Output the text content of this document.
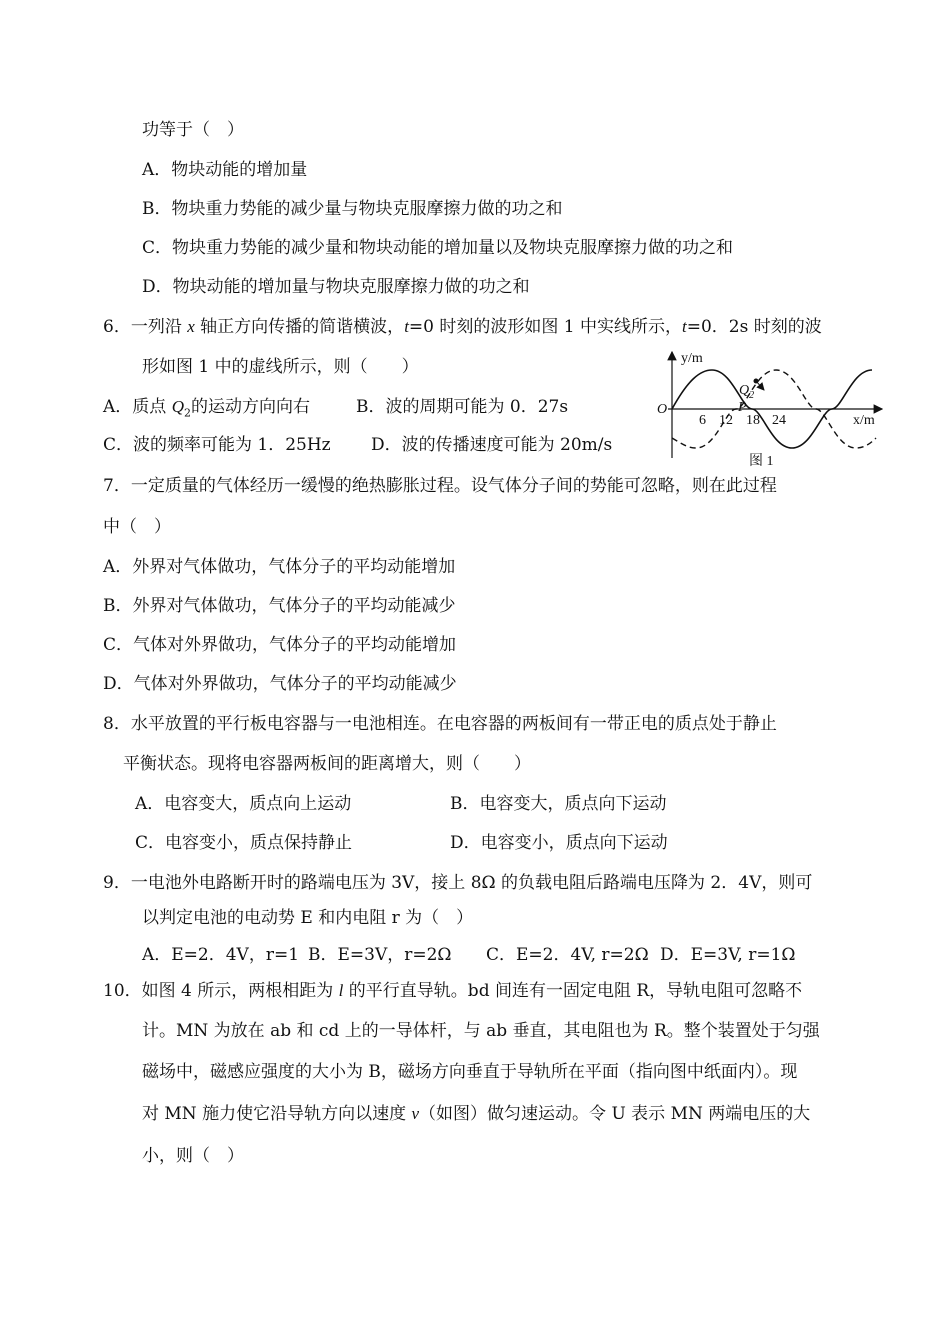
功等于（　）
A．物块动能的增加量
B．物块重力势能的减少量与物块克服摩擦力做的功之和
C．物块重力势能的减少量和物块动能的增加量以及物块克服摩擦力做的功之和
D．物块动能的增加量与物块克服摩擦力做的功之和
6．一列沿 x 轴正方向传播的简谐横波，t=0 时刻的波形如图 1 中实线所示，t=0．2s 时刻的波
形如图 1 中的虚线所示，则（　　）
A．质点 $Q_2$的运动方向向右	B．波的周期可能为 0．27s
C．波的频率可能为 1．25Hz D．波的传播速度可能为 20m/s
y/m
x/m
O
$Q_2$
P
6 12 18 24
图 1
7．一定质量的气体经历一缓慢的绝热膨胀过程。设气体分子间的势能可忽略，则在此过程
中（　）
A．外界对气体做功，气体分子的平均动能增加
B．外界对气体做功，气体分子的平均动能减少
C．气体对外界做功，气体分子的平均动能增加
D．气体对外界做功，气体分子的平均动能减少
8．水平放置的平行板电容器与一电池相连。在电容器的两板间有一带正电的质点处于静止
平衡状态。现将电容器两板间的距离增大，则（　　）
A．电容变大，质点向上运动	B．电容变大，质点向下运动
C．电容变小，质点保持静止	D．电容变小，质点向下运动
9．一电池外电路断开时的路端电压为 3V，接上 8Ω 的负载电阻后路端电压降为 2．4V，则可
以判定电池的电动势 E 和内电阻 r 为（　）
A．E=2．4V，r=1 B．E=3V，r=2Ω C．E=2．4V, r=2Ω D．E=3V, r=1Ω
10．如图 4 所示，两根相距为 l 的平行直导轨。bd 间连有一固定电阻 R，导轨电阻可忽略不
计。MN 为放在 ab 和 cd 上的一导体杆，与 ab 垂直，其电阻也为 R。整个装置处于匀强
磁场中，磁感应强度的大小为 B，磁场方向垂直于导轨所在平面（指向图中纸面内）。现
对 MN 施力使它沿导轨方向以速度 v（如图）做匀速运动。令 U 表示 MN 两端电压的大
小，则（　）
